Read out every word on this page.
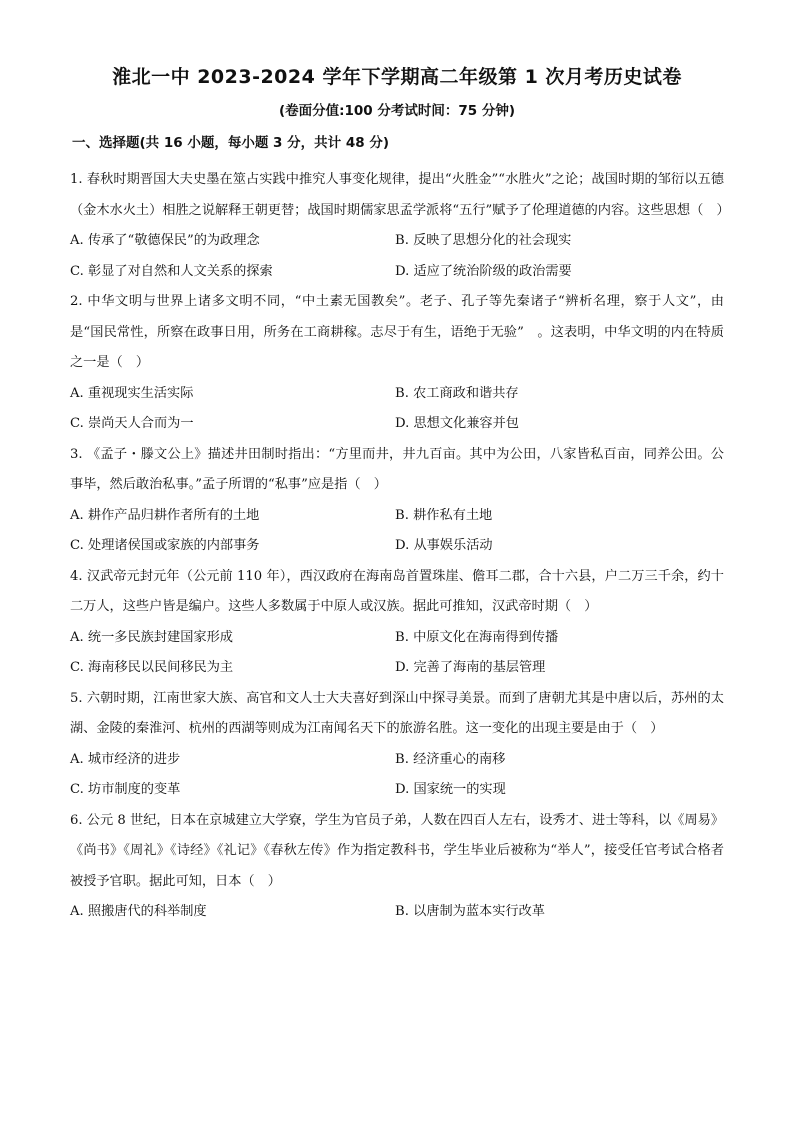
淮北一中 2023-2024 学年下学期高二年级第 1 次月考历史试卷
(卷面分值:100 分考试时间：75 分钟)
一、选择题(共 16 小题，每小题 3 分，共计 48 分)

1. 春秋时期晋国大夫史墨在筮占实践中推究人事变化规律，提出“火胜金”“水胜火”之论；战国时期的邹衍以五德（金木水火土）相胜之说解释王朝更替；战国时期儒家思孟学派将“五行”赋予了伦理道德的内容。这些思想（　）

A. 传承了“敬德保民”的为政理念	B. 反映了思想分化的社会现实
C. 彰显了对自然和人文关系的探索	D. 适应了统治阶级的政治需要

2. 中华文明与世界上诸多文明不同，“中土素无国教矣”。老子、孔子等先秦诸子“辨析名理，察于人文”，由是“国民常性，所察在政事日用，所务在工商耕稼。志尽于有生，语绝于无验”　。这表明，中华文明的内在特质之一是（　）

A. 重视现实生活实际	B. 农工商政和谐共存
C. 崇尚天人合而为一	D. 思想文化兼容并包

3. 《孟子・滕文公上》描述井田制时指出：“方里而井，井九百亩。其中为公田，八家皆私百亩，同养公田。公事毕，然后敢治私事。”孟子所谓的“私事”应是指（　）

A. 耕作产品归耕作者所有的土地	B. 耕作私有土地
C. 处理诸侯国或家族的内部事务	D. 从事娱乐活动

4. 汉武帝元封元年（公元前 110 年），西汉政府在海南岛首置珠崖、儋耳二郡，合十六县，户二万三千余，约十二万人，这些户皆是编户。这些人多数属于中原人或汉族。据此可推知，汉武帝时期（　）

A. 统一多民族封建国家形成	B. 中原文化在海南得到传播
C. 海南移民以民间移民为主	D. 完善了海南的基层管理

5. 六朝时期，江南世家大族、高官和文人士大夫喜好到深山中探寻美景。而到了唐朝尤其是中唐以后，苏州的太湖、金陵的秦淮河、杭州的西湖等则成为江南闻名天下的旅游名胜。这一变化的出现主要是由于（　）

A. 城市经济的进步	B. 经济重心的南移
C. 坊市制度的变革	D. 国家统一的实现

6. 公元 8 世纪，日本在京城建立大学寮，学生为官员子弟，人数在四百人左右，设秀才、进士等科，以《周易》《尚书》《周礼》《诗经》《礼记》《春秋左传》作为指定教科书，学生毕业后被称为“举人”，接受任官考试合格者被授予官职。据此可知，日本（　）

A. 照搬唐代的科举制度	B. 以唐制为蓝本实行改革
